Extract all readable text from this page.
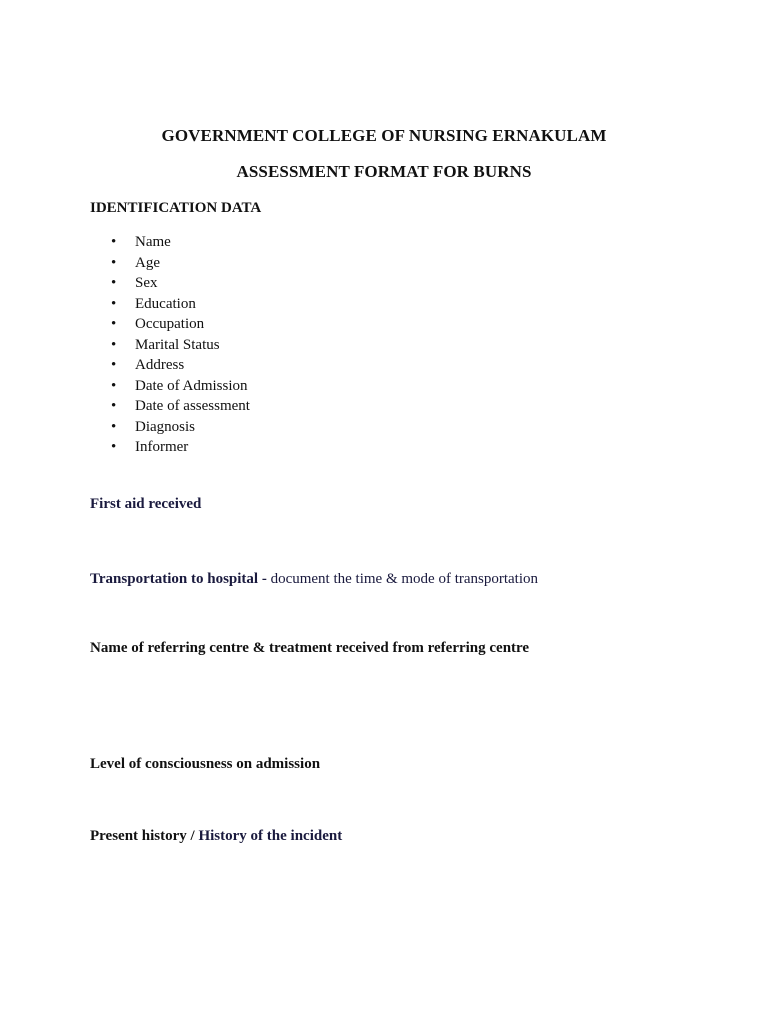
GOVERNMENT COLLEGE OF NURSING ERNAKULAM
ASSESSMENT FORMAT FOR BURNS
IDENTIFICATION DATA
• Name
• Age
• Sex
• Education
• Occupation
• Marital Status
• Address
• Date of Admission
• Date of assessment
• Diagnosis
• Informer
First aid received
Transportation to hospital - document the time & mode of transportation
Name of referring centre & treatment received from referring centre
Level of consciousness on admission
Present history / History of the incident
